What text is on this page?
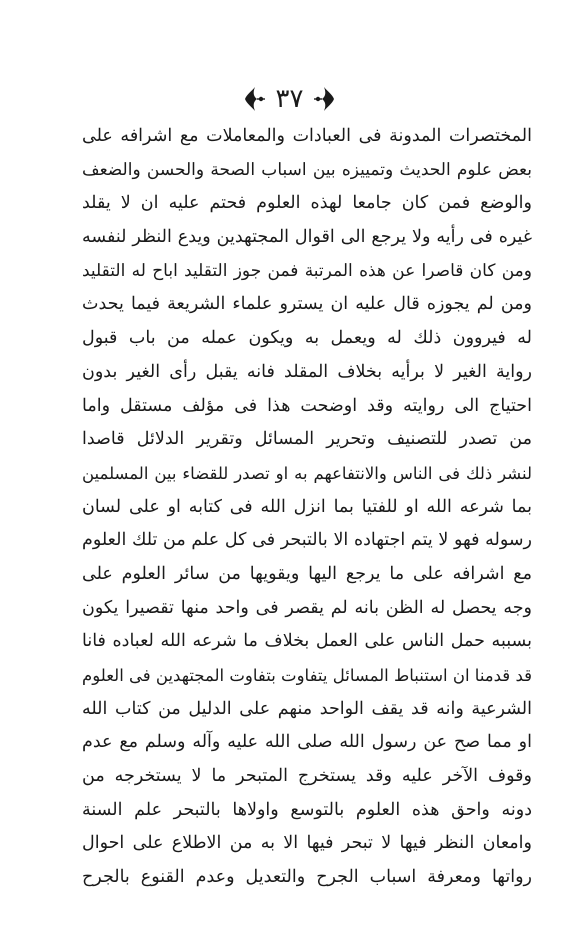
٣٧
المختصرات المدونة فى العبادات والمعاملات مع اشرافه على
بعض علوم الحديث وتمييزه بين اسباب الصحة والحسن والضعف
والوضع فمن كان جامعا لهذه العلوم فحتم عليه ان لا يقلد
غيره فى رأيه ولا يرجع الى اقوال المجتهدين ويدع النظر لنفسه
ومن كان قاصرا عن هذه المرتبة فمن جوز التقليد اباح له التقليد
ومن لم يجوزه قال عليه ان يسترو علماء الشريعة فيما يحدث
له فيروون ذلك له ويعمل به ويكون عمله من باب قبول
رواية الغير لا برأيه بخلاف المقلد فانه يقبل رأى الغير بدون
احتياج الى روايته وقد اوضحت هذا فى مؤلف مستقل واما
من تصدر للتصنيف وتحرير المسائل وتقرير الدلائل قاصدا
لنشر ذلك فى الناس والانتفاعهم به او تصدر للقضاء بين المسلمين
بما شرعه الله او للفتيا بما انزل الله فى كتابه او على لسان
رسوله فهو لا يتم اجتهاده الا بالتبحر فى كل علم من تلك العلوم
مع اشرافه على ما يرجع اليها ويقويها من سائر العلوم على
وجه يحصل له الظن بانه لم يقصر فى واحد منها تقصيرا يكون
بسببه حمل الناس على العمل بخلاف ما شرعه الله لعباده فانا
قد قدمنا ان استنباط المسائل يتفاوت بتفاوت المجتهدين فى العلوم
الشرعية وانه قد يقف الواحد منهم على الدليل من كتاب الله
او مما صح عن رسول الله صلى الله عليه وآله وسلم مع عدم
وقوف الآخر عليه وقد يستخرج المتبحر ما لا يستخرجه من
دونه واحق هذه العلوم بالتوسع واولاها بالتبحر علم السنة
وامعان النظر فيها لا تبحر فيها الا به من الاطلاع على احوال
رواتها ومعرفة اسباب الجرح والتعديل وعدم القنوع بالجرح
